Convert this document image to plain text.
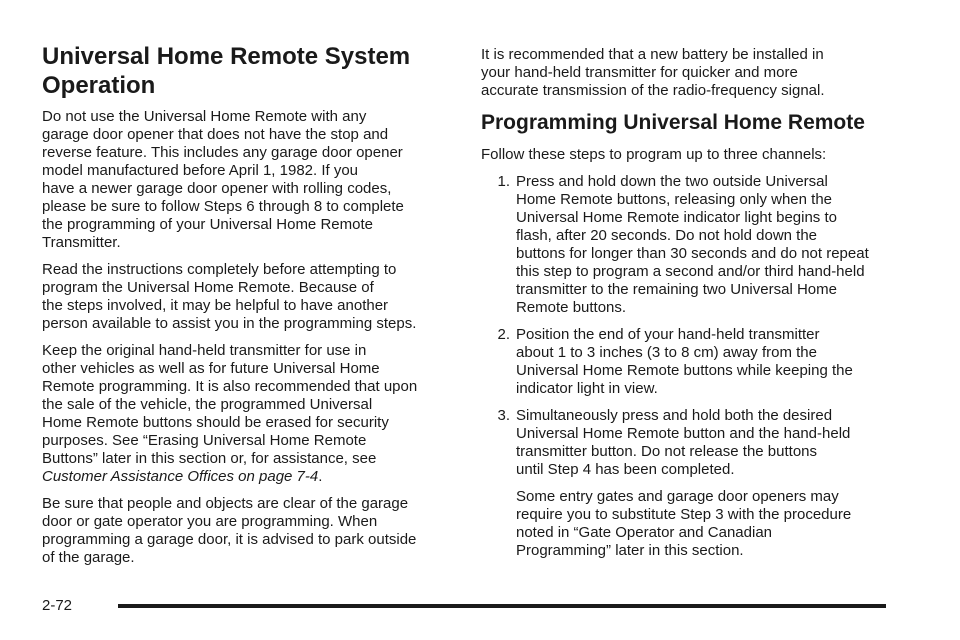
Universal Home Remote System
Operation

Do not use the Universal Home Remote with any
garage door opener that does not have the stop and
reverse feature. This includes any garage door opener
model manufactured before April 1, 1982. If you
have a newer garage door opener with rolling codes,
please be sure to follow Steps 6 through 8 to complete
the programming of your Universal Home Remote
Transmitter.

Read the instructions completely before attempting to
program the Universal Home Remote. Because of
the steps involved, it may be helpful to have another
person available to assist you in the programming steps.

Keep the original hand-held transmitter for use in
other vehicles as well as for future Universal Home
Remote programming. It is also recommended that upon
the sale of the vehicle, the programmed Universal
Home Remote buttons should be erased for security
purposes. See “Erasing Universal Home Remote
Buttons” later in this section or, for assistance, see
Customer Assistance Offices on page 7-4.

Be sure that people and objects are clear of the garage
door or gate operator you are programming. When
programming a garage door, it is advised to park outside
of the garage.

It is recommended that a new battery be installed in
your hand-held transmitter for quicker and more
accurate transmission of the radio-frequency signal.

Programming Universal Home Remote

Follow these steps to program up to three channels:

1. Press and hold down the two outside Universal
Home Remote buttons, releasing only when the
Universal Home Remote indicator light begins to
flash, after 20 seconds. Do not hold down the
buttons for longer than 30 seconds and do not repeat
this step to program a second and/or third hand-held
transmitter to the remaining two Universal Home
Remote buttons.
2. Position the end of your hand-held transmitter
about 1 to 3 inches (3 to 8 cm) away from the
Universal Home Remote buttons while keeping the
indicator light in view.
3. Simultaneously press and hold both the desired
Universal Home Remote button and the hand-held
transmitter button. Do not release the buttons
until Step 4 has been completed.
Some entry gates and garage door openers may
require you to substitute Step 3 with the procedure
noted in “Gate Operator and Canadian
Programming” later in this section.
2-72
